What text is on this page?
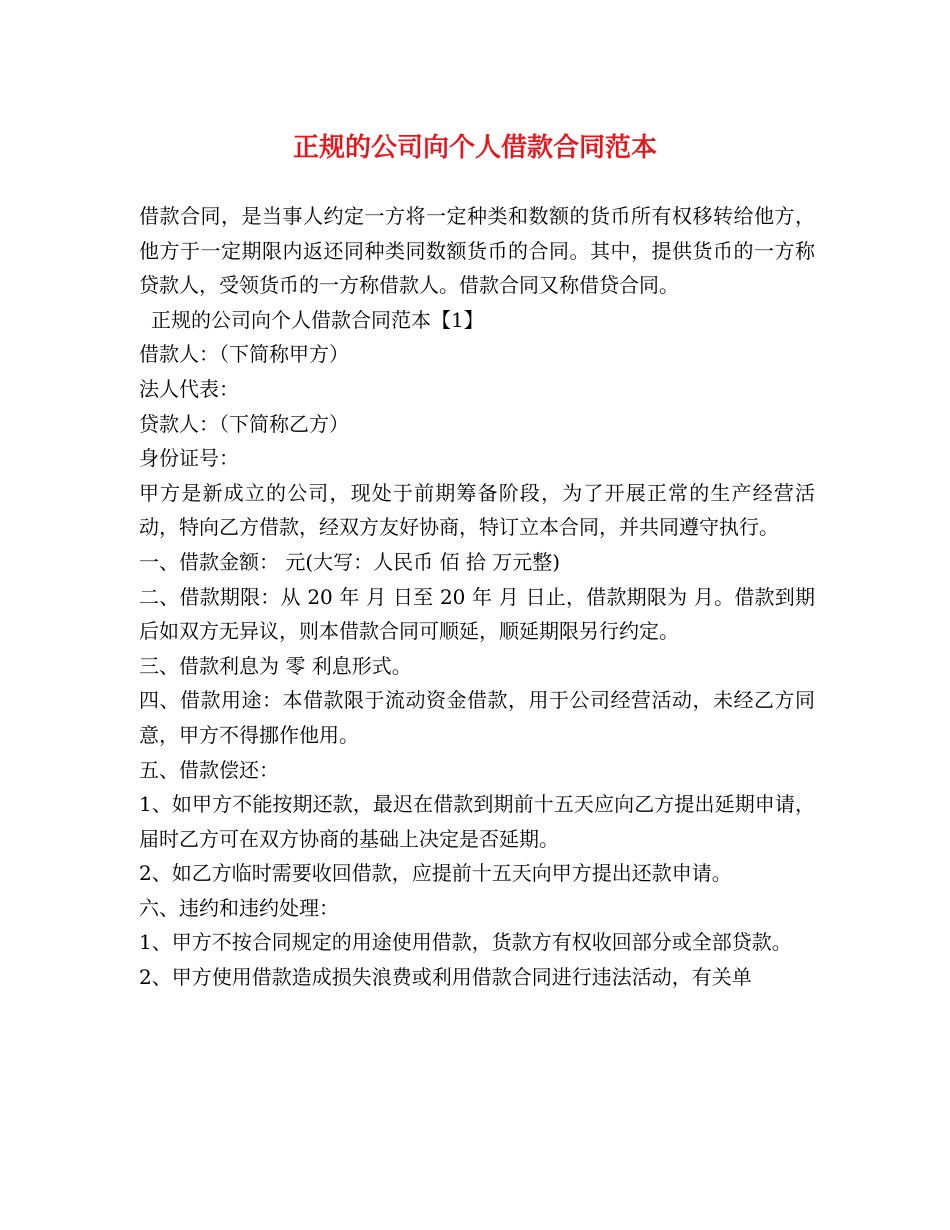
正规的公司向个人借款合同范本

借款合同，是当事人约定一方将一定种类和数额的货币所有权移转给他方，他方于一定期限内返还同种类同数额货币的合同。其中，提供货币的一方称贷款人，受领货币的一方称借款人。借款合同又称借贷合同。

正规的公司向个人借款合同范本【1】

借款人：（下简称甲方）

法人代表：

贷款人：（下简称乙方）

身份证号：

甲方是新成立的公司，现处于前期筹备阶段，为了开展正常的生产经营活动，特向乙方借款，经双方友好协商，特订立本合同，并共同遵守执行。

一、借款金额： 元(大写：人民币 佰 拾 万元整)

二、借款期限：从 20 年 月 日至 20 年 月 日止，借款期限为 月。借款到期后如双方无异议，则本借款合同可顺延，顺延期限另行约定。

三、借款利息为 零 利息形式。

四、借款用途：本借款限于流动资金借款，用于公司经营活动，未经乙方同意，甲方不得挪作他用。

五、借款偿还：

1、如甲方不能按期还款，最迟在借款到期前十五天应向乙方提出延期申请，届时乙方可在双方协商的基础上决定是否延期。

2、如乙方临时需要收回借款，应提前十五天向甲方提出还款申请。

六、违约和违约处理：

1、甲方不按合同规定的用途使用借款，货款方有权收回部分或全部贷款。

2、甲方使用借款造成损失浪费或利用借款合同进行违法活动，有关单
